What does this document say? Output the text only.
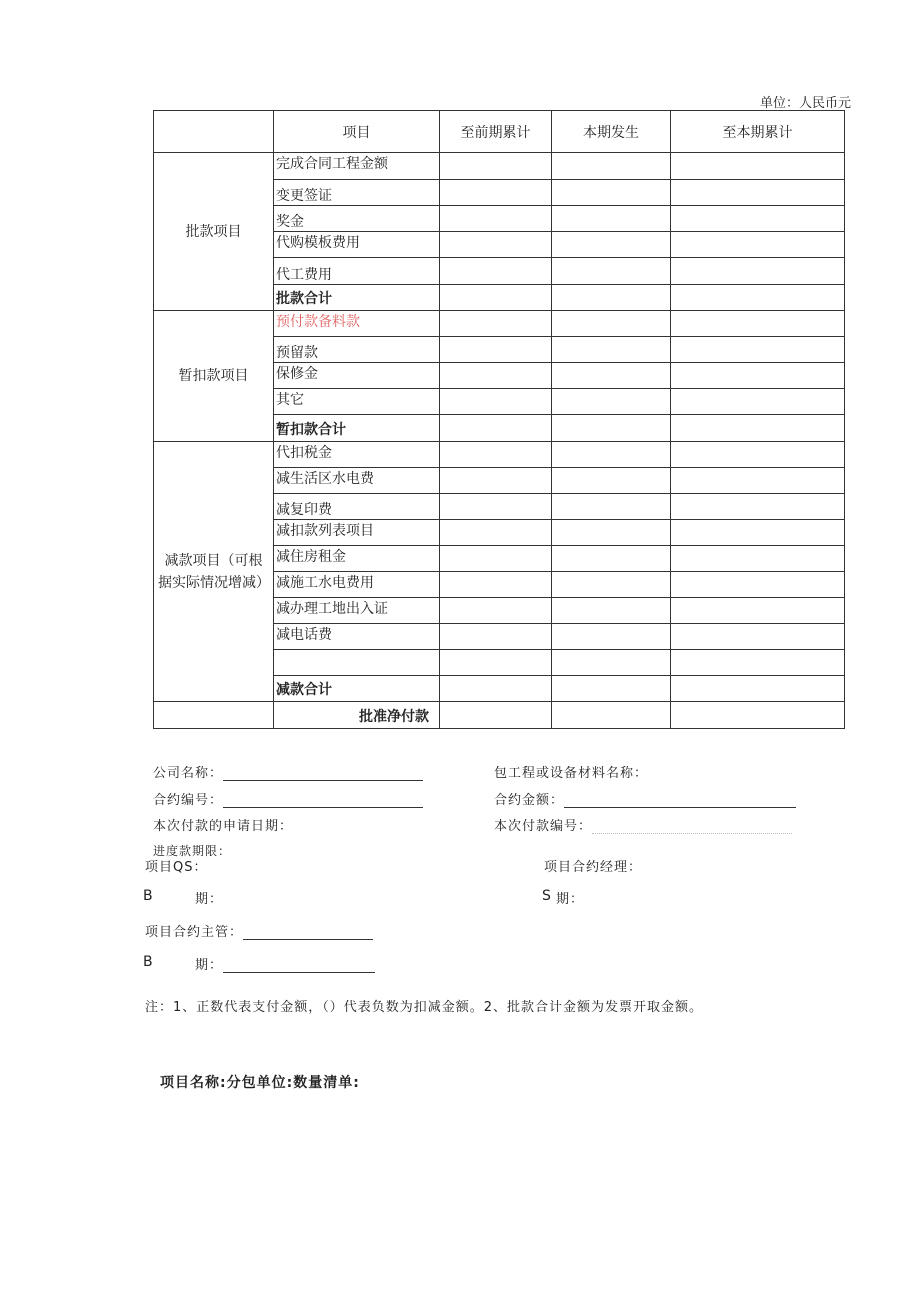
单位：人民币元
	项目	至前期累计	本期发生	至本期累计
批款项目	完成合同工程金额			
	变更签证			
	奖金			
	代购模板费用			
	代工费用			
	批款合计			
暂扣款项目	预付款备料款			
	预留款			
	保修金			
	其它			
	暂扣款合计			
减款项目（可根据实际情况增减）	代扣税金			
	减生活区水电费			
	减复印费			
	减扣款列表项目			
	减住房租金			
	减施工水电费用			
	减办理工地出入证			
	减电话费			

	减款合计			
	批准净付款			
公司名称：	包工程或设备材料名称：
合约编号：	合约金额：
本次付款的申请日期：	本次付款编号：
进度款期限：
项目QS：	项目合约经理：
B	期：	S 期：
项目合约主管：
B	期：
注：1、正数代表支付金额，（）代表负数为扣减金额。2、批款合计金额为发票开取金额。
项目名称:分包单位:数量清单:
